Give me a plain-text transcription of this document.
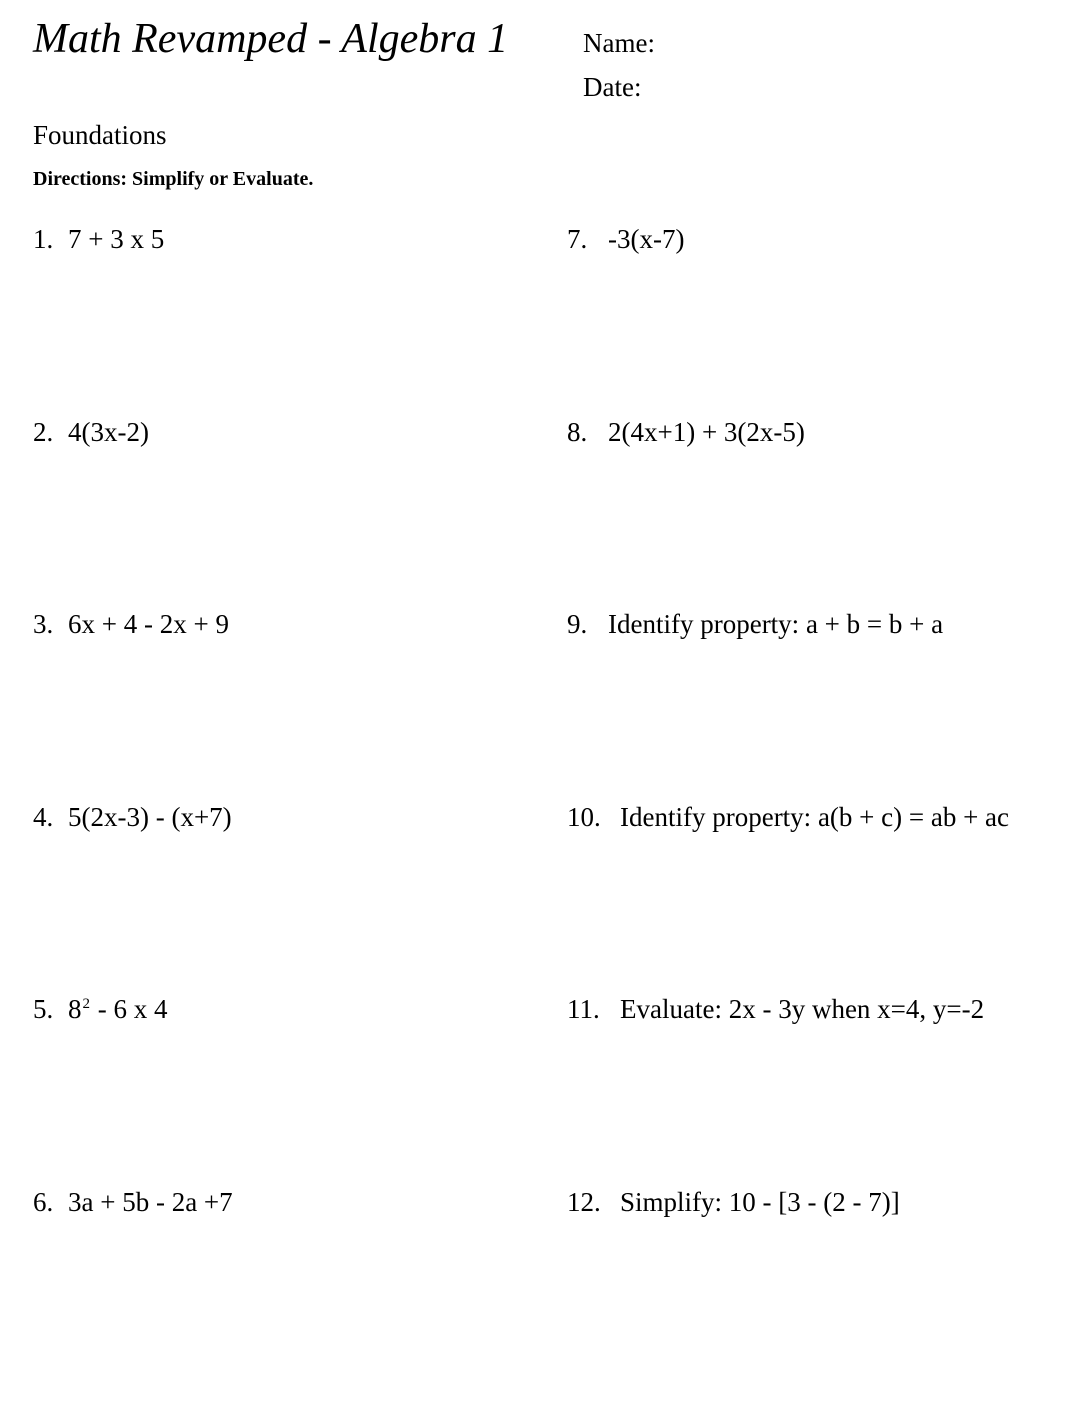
Math Revamped - Algebra 1	Name:
Date:
Foundations
Directions: Simplify or Evaluate.
1. 7 + 3 x 5
2. 4(3x-2)
3. 6x + 4 - 2x + 9
4. 5(2x-3) - (x+7)
5. $8^2 - 6$ x 4
6. 3a + 5b - 2a +7
7. -3(x-7)
8. 2(4x+1) + 3(2x-5)
9. Identify property: a + b = b + a
10. Identify property: a(b + c) = ab + ac
11. Evaluate: 2x - 3y when x=4, y=-2
12. Simplify: 10 - [3 - (2 - 7)]
